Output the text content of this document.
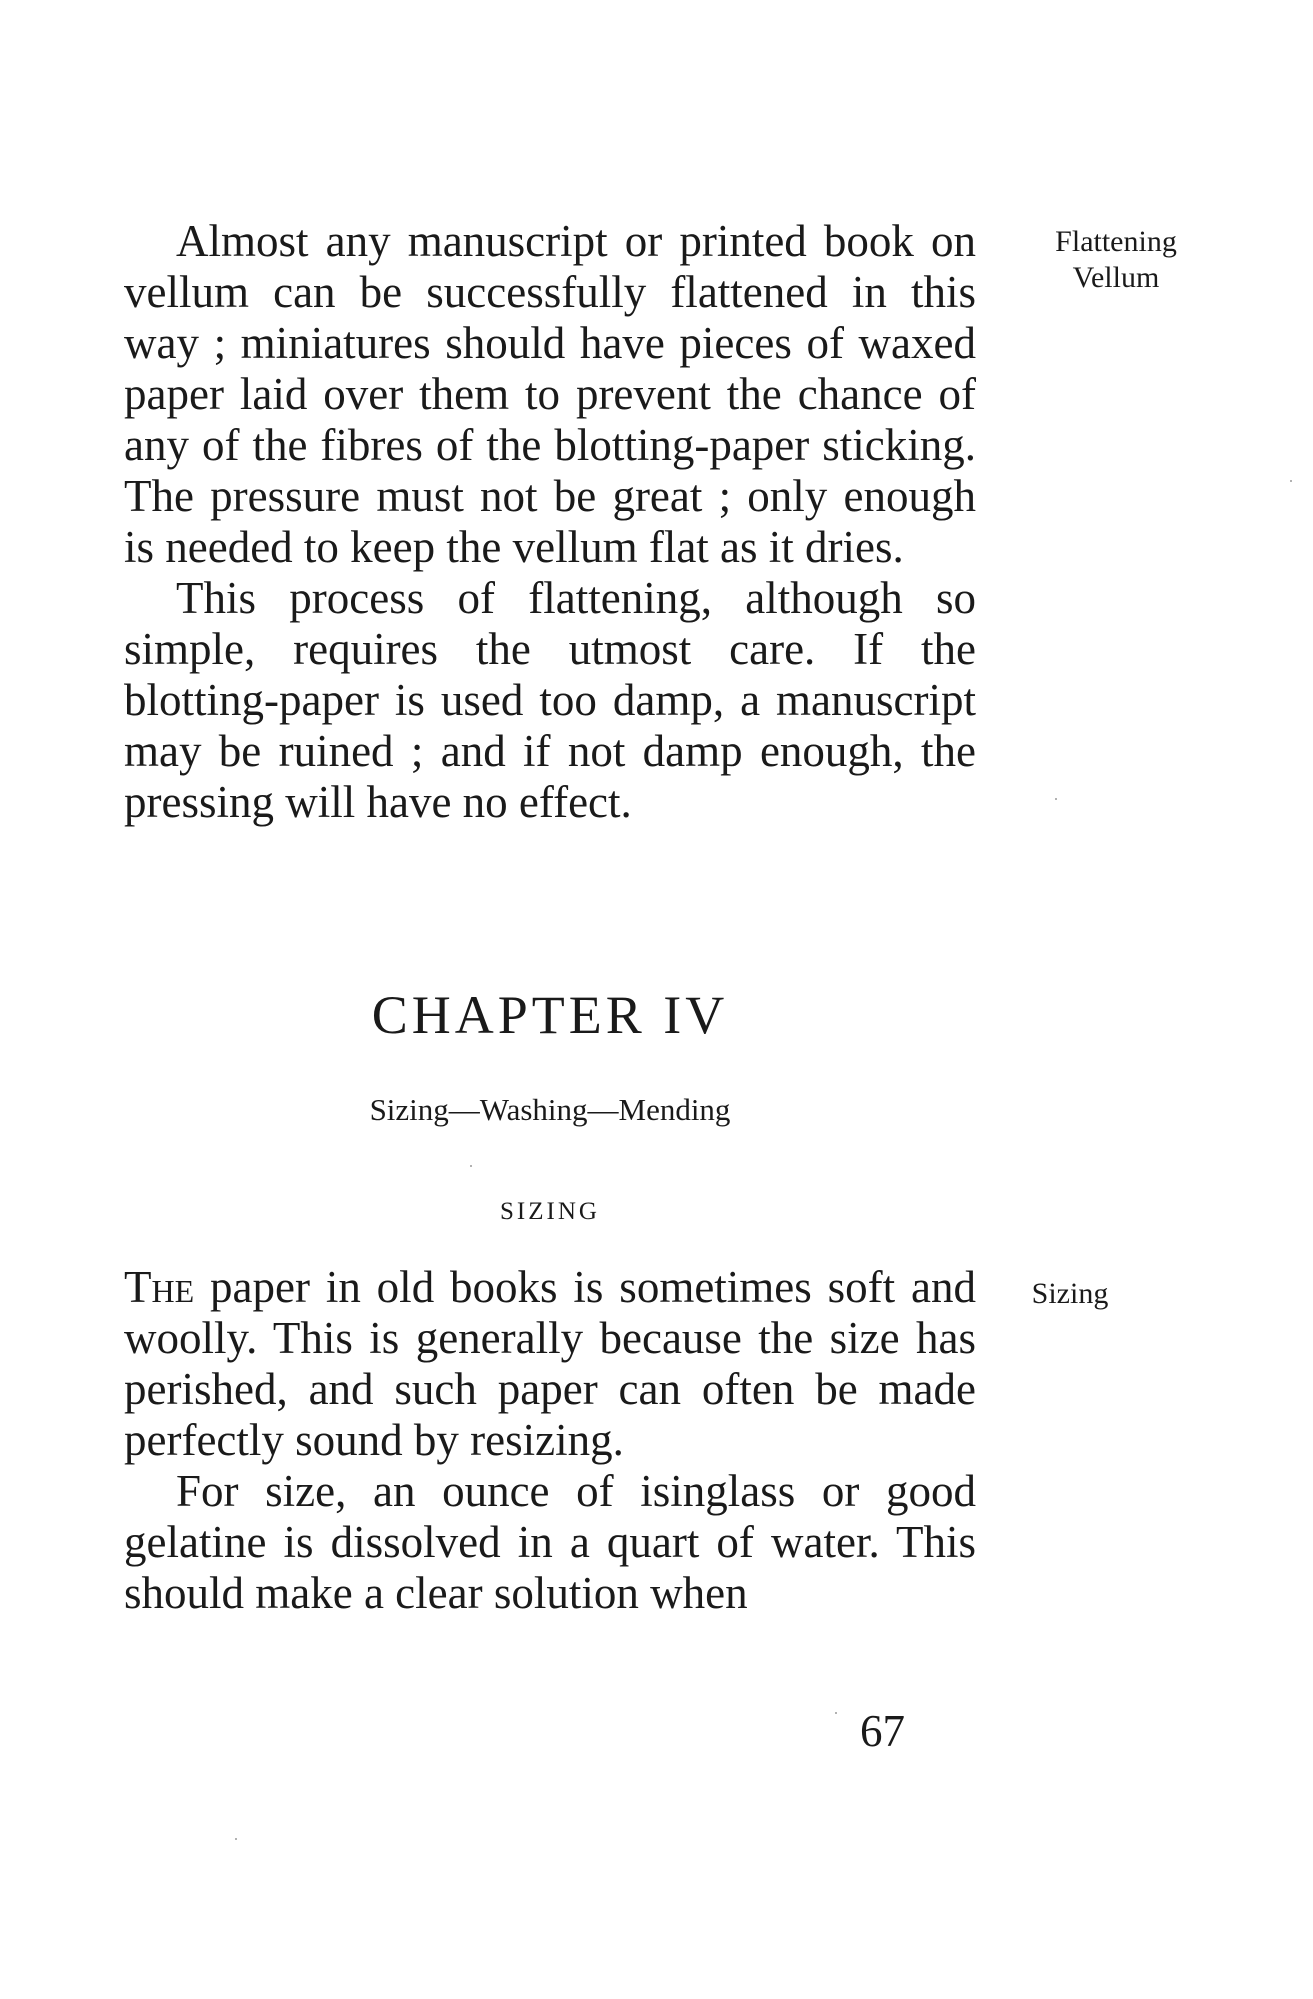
Almost any manuscript or printed book on vellum can be successfully flattened in this way ; miniatures should have pieces of waxed paper laid over them to prevent the chance of any of the fibres of the blotting-paper sticking. The pressure must not be great ; only enough is needed to keep the vellum flat as it dries.

This process of flattening, although so simple, requires the utmost care. If the blotting-paper is used too damp, a manuscript may be ruined ; and if not damp enough, the pressing will have no effect.

Flattening
Vellum
CHAPTER IV
Sizing—Washing—Mending
SIZING

The paper in old books is sometimes soft and woolly. This is generally because the size has perished, and such paper can often be made perfectly sound by resizing.

For size, an ounce of isinglass or good gelatine is dissolved in a quart of water. This should make a clear solution when

Sizing
67
